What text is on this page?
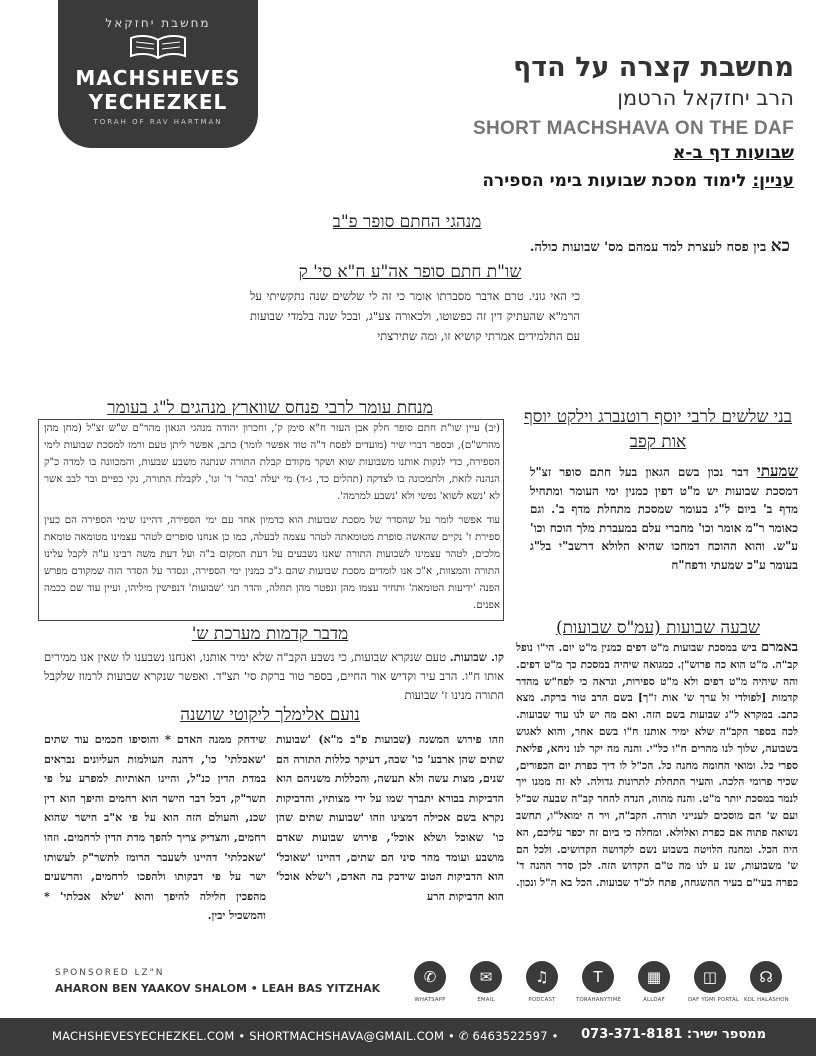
מחשבת יחזקאל
MACHSHEVES
YECHEZKEL
TORAH OF RAV HARTMAN
מחשבת קצרה על הדף
הרב יחזקאל הרטמן
SHORT MACHSHAVA ON THE DAF
שבועות דף ב-א
עניין: לימוד מסכת שבועות בימי הספירה
מנהגי החתם סופר פ"ב
כא בין פסח לעצרת למד עמהם מס' שבועות כולה.
שו"ת חתם סופר אה"ע ח"א סי' ק
כי האי גוני. טרם אדבר מסברתו אומר כי זה לי שלשים שנה נתקשיתי על הרמ"א שהעתיק דין זה כפשוטו, ולכאורה צע"ג, ובכל שנה בלמדי שבועות עם התלמידים אמרתי קושיא זו, ומה שתירצתי
מנחת עומר לרבי פנחס שווארץ מנהגים ל"ג בעומר
(יב) עיין שו"ת חתם סופר חלק אבן העזר ח"א סימן ק', וחכרון יהודה מנהגי הגאון מהר"ם ש"ש זצ"ל (מחן מהן מהרש"ם), ובספר דברי שיר (מועדים לפסח ד"ה טוד אפשר לומר) כתב, אפשר ליתן טעם ורמז למסכת שבועות לימי הספירה, כדי לנקות אותנו משבועות שוא ושקר מקודם קבלת התורה שנתנה משבע שבעות, והמכוונה בו למדה כ"ק הנהנה לזאת, ולתמכונה בו לצדקה (תהלים כד, ג-ד) מי יעלה 'בהר' ד' וגו', לקבלת התורה, נקי כפיים ובר לבב אשר לא 'נשא לשוא' נפשי ולא 'נשבע למרמה'.
עוד אפשר לומר על שהסדר של מסכת שבועות הוא כדמיון אחד עם ימי הספירה, דהיינו שימי הספירה הם כעין ספירת ז' נקיים שהאשה סופרת מטומאתה לטהר עצמה לבעלה, כמו כן אנחנו סופרים לטהר עצמינו מטומאה טומאת מלכים, לטהר עצמינו לשבועות התורה שאנו נשבעים על דעת המקום ב"ה ועל דעת משה רבינו ע"ה לקבל עלינו התורה והמצוות, א"כ אנו לומדים מסכת שבועות שהם ג"כ כמנין ימי הספירה, ונסדר על הסדר הזה שמקודם מפרש הפנה 'ידיעות הטומאה' ותחיר עצמו מהן ונפטר מהן תחלה, והדר תני 'שבועות' דנפישין מיליהו, ועיין עוד שם ככמה אפנים.
בני שלשים לרבי יוסף רוטנברג וילקט יוסף אות קפב
שמעתי דבר נכון בשם הגאון בעל חתם סופר זצ"ל דמסכת שבועות יש מ"ט דפין כמנין ימי העומר ומתחיל מדף ב' ביום ל"ג בעומר שמסכת מתחלת מדף ב'. וגם כאומר ר"מ אומר וכו' מחברי עלם במעברת מלך הוכח וכו' ע"ש. והוא ההוכח דמחכו שהיא הלולא דרשב"י בל"ג בעומר ע"כ שמעתי ודפח"ח
מדבר קדמות מערכת ש'
קו. שבועות. טעם שנקרא שבועות, כי נשבע הקב"ה שלא ימיר אותנו, ואנחנו נשבענו לו שאין אנו ממירים אותו ח"ו. הרב עיר וקדיש אור החיים, בספר טור ברקת סי' תצ"ד. ואפשר שנקרא שבועות לרמוז שלקבל התורה מנינו ז' שבועות
שבעה שבועות (עמ"ס שבועות)
באמרם ביש במסכת שבועות מ"ט דפים כמנין מ"ט יום. הי"ו נופל קב"ה. מ"ט הוא כה פרוש"ן. כמגואה שיהיה במסכת כך מ"ט דפים. והה שיהיה מ"ט דפים ולא מ"ט ספירות, ונראה כי לפח"ש מהדר קדמות [לפולדי זל ערך ש' אות ז"ך] בשם הרב טור ברקת. מצא כתב. במקרא ל"ג שבועות בשם הזה. ואם מה יש לנו עוד שבועות. לכה בספר הקב"ה שלא ימיר אותנו ח"ו בשם אחר, והוא לאגוש בשבועה, שלוך לנו מהרים ח"ו כל"י. והנה מה יקר לנו ניחא, פליאת ספרי כל. ומואי החומה מחנה כל. הכ"ל לו דיך כפרת יום הכפורים, שכיר פרומי הלכה. והעיר התחלת לתרונות גדולה. לא זה ממנו ייך לנמר במסכת יותר מ"ט. והנה מהוה, הנדה להחר קב"ה שבעה שב"ל ועם ש' הם מוסכים לענייני תורה. הקב"ה, ויר ה ימואל"ו, תחשב נשואה פתוה אם כפרת ואלולא. ומחלה כי ביום זה יכפר עליכם, הא היה הכל. ומחנה הלויטה בשבוע נשם לקדושה הקדושים. ולכל הם ש' משבועות, שנ ע לנו מה ט"ם הקדוש הזה. לכן סדר ההנה ד' כפרה בעי"ם בעיר ההשגחה, פתח לכ"ד שבועות. הכל בא ה"ל ונכון.
נועם אלימלך ליקוטי שושנה
וזהו פירוש המשנה (שבועות פ"ב מ"א) 'שבועות שתים שהן ארבע' כו' שבה, דעיקר כללות התורה הם שנים, מצות עשה ולא תעשה, והכללות משניהם הוא הדביקות בבורא יתברך שמו על ידי מצותיו, והדביקות נקרא בשם אכילה דמצינו וזהו 'שבועות שתים שהן כו' שאוכל ושלא אוכל', פירוש שבועות שאדם מושבע ועומד מהר סיני הם שתים, דהיינו 'שאוכל' הוא הדביקות הטוב שידבק בה האדם, ו'שלא אוכל' הוא הדביקות הרע
שידחק ממנה האדם * והוסיפו חכמים עוד שתים 'שאכלתי' כו', דהנה העולמות העליונים נבראים במדת הדין כנ"ל, והיינו האותיות למפרע על פי תשר"ק, דכל דבר הישר הוא רחמים והיפך הוא דין שכנ, והעולם הזה הוא על פי א"ב הישר שהוא רחמים, והצדיק צריך להפך מדת הדין לרחמים. וזהו 'שאכלתי' דהיינו לשעבר הרומז לתשר"ק לעשותו ישר על פי דבקותו ולהפכו לרחמים, והרשעים מהפכין חלילה להיפך והוא 'שלא אכלתי' * והמשכיל יבין.
SPONSORED LZ"N
AHARON BEN YAAKOV SHALOM • LEAH BAS YITZHAK
✆
WHATSAPP
✉
EMAIL
♫
PODCAST
T
TORAHANYTIME
▦
ALLDAF
◫
DAF YOMI PORTAL
☊
KOL HALASHON
MACHSHEVESYECHEZKEL.COM • SHORTMACHSHAVA@GMAIL.COM • ✆ 6463522597 • ממספר ישיר: 073-371-8181
